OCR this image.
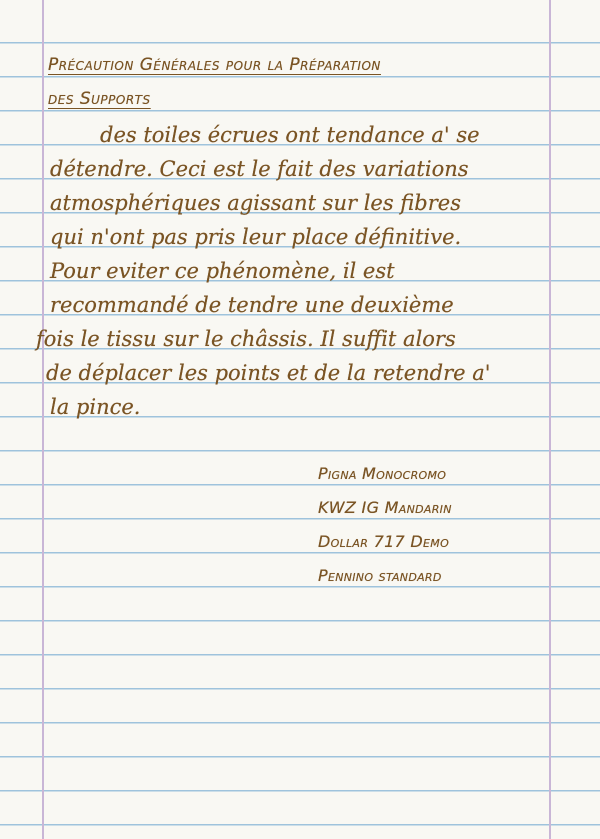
Précaution Générales pour la Préparation
des Supports
des toiles écrues ont tendance a' se
détendre. Ceci est le fait des variations
atmosphériques agissant sur les fibres
qui n'ont pas pris leur place définitive.
Pour eviter ce phénomène, il est
recommandé de tendre une deuxième
fois le tissu sur le châssis. Il suffit alors
de déplacer les points et de la retendre a'
la pince.
Pigna Monocromo
KWZ IG Mandarin
Dollar 717 Demo
Pennino standard
